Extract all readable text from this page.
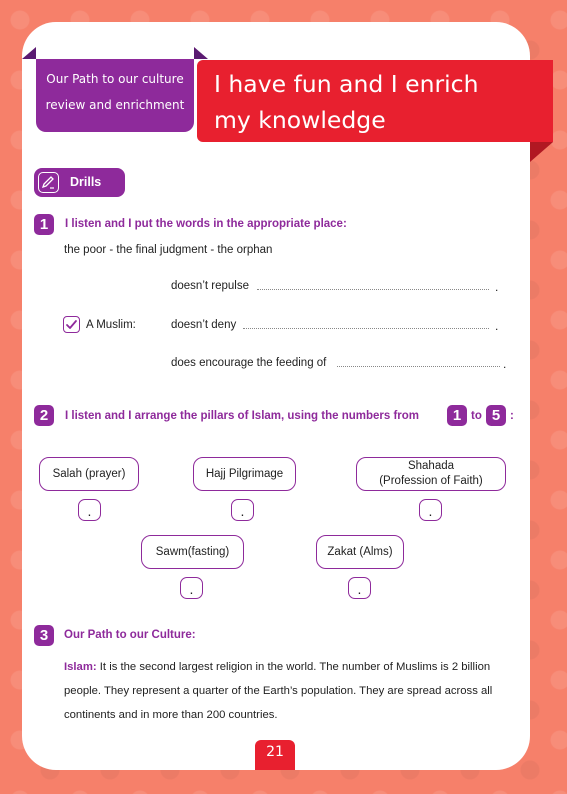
I have fun and I enrich
my knowledge
Our Path to our culture
review and enrichment
Drills
1	I listen and I put the words in the appropriate place:
the poor - the final judgment - the orphan
doesn’t repulse	.
A Muslim:	doesn’t deny	.
does encourage the feeding of	.
2	I listen and I arrange the pillars of Islam, using the numbers from	1 to 5 :
Salah (prayer)	Hajj Pilgrimage
Shahada
(Profession of Faith)
Sawm(fasting)	Zakat (Alms)
.	.	.
.	.
3	Our Path to our Culture:
Islam: It is the second largest religion in the world. The number of Muslims is 2 billion people. They represent a quarter of the Earth’s population. They are spread across all continents and in more than 200 countries.
21
